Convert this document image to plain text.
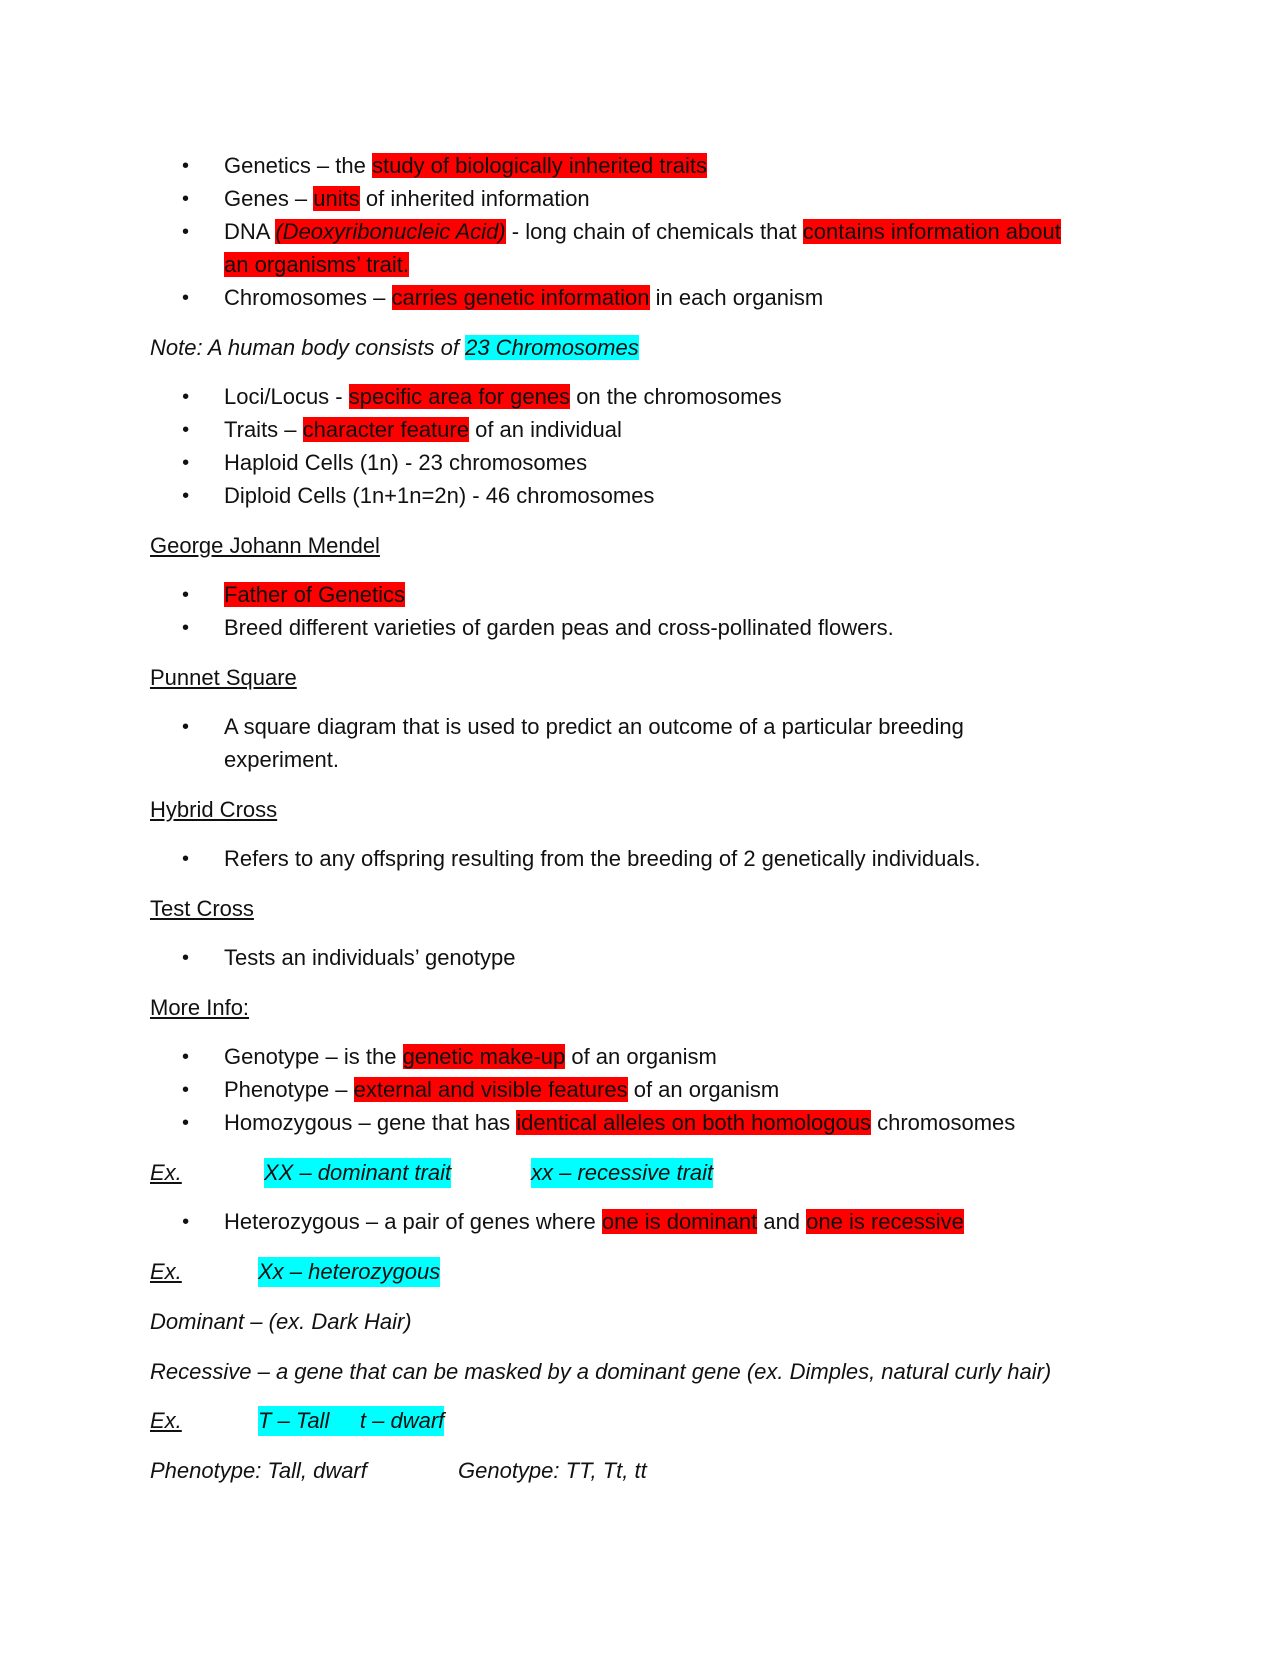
•	Genetics – the study of biologically inherited traits
•	Genes – units of inherited information
•	DNA (Deoxyribonucleic Acid) - long chain of chemicals that contains information about
an organisms’ trait.
•	Chromosomes – carries genetic information in each organism
Note: A human body consists of 23 Chromosomes
•	Loci/Locus - specific area for genes on the chromosomes
•	Traits – character feature of an individual
•	Haploid Cells (1n) - 23 chromosomes
•	Diploid Cells (1n+1n=2n) - 46 chromosomes
George Johann Mendel
•	Father of Genetics
•	Breed different varieties of garden peas and cross-pollinated flowers.
Punnet Square
•	A square diagram that is used to predict an outcome of a particular breeding
experiment.
Hybrid Cross
•	Refers to any offspring resulting from the breeding of 2 genetically individuals.
Test Cross
•	Tests an individuals’ genotype
More Info:
•	Genotype – is the genetic make-up of an organism
•	Phenotype – external and visible features of an organism
•	Homozygous – gene that has identical alleles on both homologous chromosomes
Ex.	XX – dominant trait	xx – recessive trait
•	Heterozygous – a pair of genes where one is dominant and one is recessive
Ex.	Xx – heterozygous
Dominant – (ex. Dark Hair)
Recessive – a gene that can be masked by a dominant gene (ex. Dimples, natural curly hair)
Ex.	T – Tall     t – dwarf
Phenotype: Tall, dwarf	Genotype: TT, Tt, tt
